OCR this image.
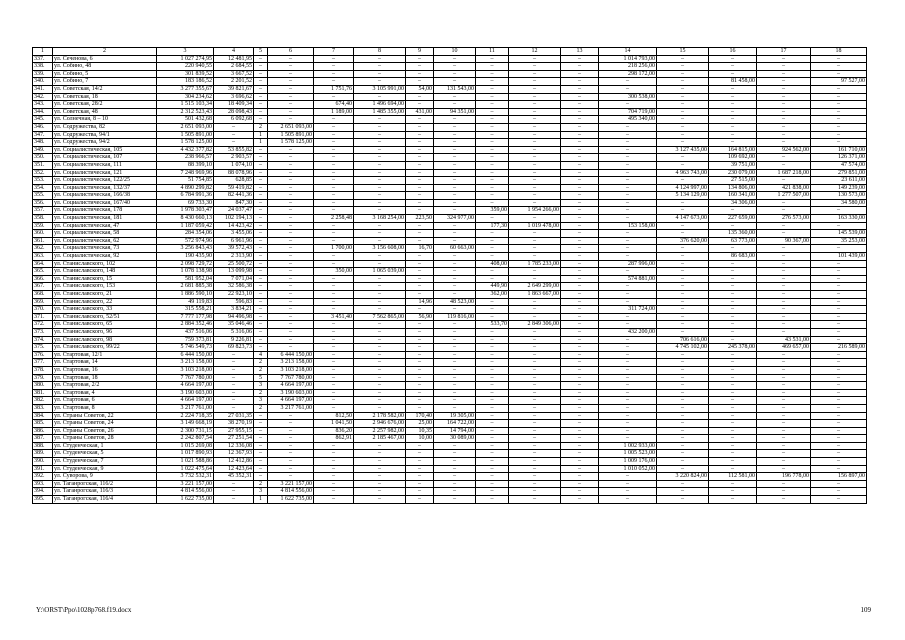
1	2	3	4	5	6	7	8	9	10	11	12	13	14	15	16	17	18
337.	ул. Сеченова, 6	1 027 274,95	12 481,95	–	–	–	–	–	–	–	–	–	1 014 793,00	–	–	–	–
338.	ул. Собино, 48	220 940,55	2 684,55	–	–	–	–	–	–	–	–	–	218 256,00	–	–	–	–
339.	ул. Собино, 5	301 839,52	3 667,52	–	–	–	–	–	–	–	–	–	298 172,00	–	–	–	–
340.	ул. Собино, 7	183 186,52	2 201,52	–	–	–	–	–	–	–	–	–	–	–	81 458,00	–	97 527,00
341.	ул. Советская, 14/2	3 277 355,67	39 821,67	–	–	1 751,76	3 105 991,00	54,00	131 543,00	–	–	–	–	–	–	–	–
342.	ул. Советская, 18	304 234,62	3 696,62	–	–	–	–	–	–	–	–	–	300 538,00	–	–	–	–
343.	ул. Советская, 28/2	1 515 103,34	18 409,34	–	–	674,40	1 496 694,00	–	–	–	–	–	–	–	–	–	–
344.	ул. Советская, 48	2 312 523,43	28 098,43	–	–	1 189,00	1 485 355,00	431,00	94 351,00	–	–	–	704 719,00	–	–	–	–
345.	ул. Солнечная, 8 – 10	501 432,68	6 092,68	–	–	–	–	–	–	–	–	–	495 340,00	–	–	–	–
346.	ул. Содружества, 82	2 651 093,00	–	2	2 651 093,00	–	–	–	–	–	–	–	–	–	–	–	–
347.	ул. Содружества, 94/1	1 505 891,00	–	1	1 505 891,00	–	–	–	–	–	–	–	–	–	–	–	–
348.	ул. Содружества, 94/2	1 578 125,00	–	1	1 578 125,00	–	–	–	–	–	–	–	–	–	–	–	–
349.	ул. Социалистическая, 105	4 432 377,82	53 855,82	–	–	–	–	–	–	–	–	–	–	3 127 435,00	164 815,00	924 562,00	161 710,00
350.	ул. Социалистическая, 107	238 966,57	2 903,57	–	–	–	–	–	–	–	–	–	–	–	109 692,00	–	126 371,00
351.	ул. Социалистическая, 111	88 399,10	1 074,10	–	–	–	–	–	–	–	–	–	–	–	39 751,00	–	47 574,00
352.	ул. Социалистическая, 121	7 248 969,96	88 078,96	–	–	–	–	–	–	–	–	–	–	4 963 743,00	230 079,00	1 687 218,00	279 851,00
353.	ул. Социалистическая, 122/25	51 754,85	628,85	–	–	–	–	–	–	–	–	–	–	–	27 515,00	–	23 611,00
354.	ул. Социалистическая, 132/37	4 890 299,82	59 419,82	–	–	–	–	–	–	–	–	–	–	4 124 997,00	134 806,00	421 838,00	149 239,00
355.	ул. Социалистическая, 166/38	6 784 991,36	82 441,36	–	–	–	–	–	–	–	–	–	–	5 134 129,00	160 341,00	1 277 507,00	130 573,00
356.	ул. Социалистическая, 167/40	69 733,30	847,30	–	–	–	–	–	–	–	–	–	–	–	34 306,00	–	34 580,00
357.	ул. Социалистическая, 178	1 978 303,47	24 037,47	–	–	–	–	–	–	359,00	1 954 266,00	–	–	–	–	–	–
358.	ул. Социалистическая, 181	8 430 660,13	102 194,13	–	–	2 258,48	3 168 254,00	223,50	324 977,00	–	–	–	–	4 147 673,00	227 659,00	276 573,00	163 330,00
359.	ул. Социалистическая, 47	1 187 059,42	14 423,42	–	–	–	–	–	–	177,30	1 019 478,00	–	153 158,00	–	–	–	–
360.	ул. Социалистическая, 58	284 354,06	3 455,06	–	–	–	–	–	–	–	–	–	–	–	135 360,00	–	145 539,00
361.	ул. Социалистическая, 62	572 974,96	6 961,96	–	–	–	–	–	–	–	–	–	–	376 620,00	63 773,00	90 367,00	35 253,00
362.	ул. Социалистическая, 73	3 256 843,43	39 572,43	–	–	1 700,00	3 156 608,00	16,70	60 663,00	–	–	–	–	–	–	–	–
363.	ул. Социалистическая, 92	190 435,90	2 313,90	–	–	–	–	–	–	–	–	–	–	–	86 683,00	–	101 439,00
364.	ул. Станиславского, 102	2 098 729,72	25 500,72	–	–	–	–	–	–	408,00	1 785 233,00	–	287 996,00	–	–	–	–
365.	ул. Станиславского, 148	1 078 138,98	13 099,98	–	–	350,00	1 065 039,00	–	–	–	–	–	–	–	–	–	–
366.	ул. Станиславского, 15	581 952,04	7 071,04	–	–	–	–	–	–	–	–	–	574 881,00	–	–	–	–
367.	ул. Станиславского, 153	2 681 885,38	32 586,38	–	–	–	–	–	–	449,90	2 649 299,00	–	–	–	–	–	–
368.	ул. Станиславского, 21	1 886 590,10	22 923,10	–	–	–	–	–	–	362,00	1 863 667,00	–	–	–	–	–	–
369.	ул. Станиславского, 22	49 119,83	596,83	–	–	–	–	14,96	48 523,00	–	–	–	–	–	–	–	–
370.	ул. Станиславского, 33	315 558,21	3 834,21	–	–	–	–	–	–	–	–	–	311 724,00	–	–	–	–
371.	ул. Станиславского, 52/51	7 777 177,98	94 496,98	–	–	3 451,40	7 562 865,00	56,90	119 816,00	–	–	–	–	–	–	–	–
372.	ул. Станиславского, 65	2 884 352,46	35 046,46	–	–	–	–	–	–	533,70	2 849 306,00	–	–	–	–	–	–
373.	ул. Станиславского, 96	437 516,06	5 316,06	–	–	–	–	–	–	–	–	–	432 200,00	–	–	–	–
374.	ул. Станиславского, 98	759 373,81	9 226,81	–	–	–	–	–	–	–	–	–	–	706 616,00	–	43 531,00	–
375.	ул. Станиславского, 99/22	5 746 549,73	69 823,73	–	–	–	–	–	–	–	–	–	–	4 745 102,00	245 378,00	469 657,00	216 589,00
376.	ул. Стартовая, 12/1	6 444 150,00	–	4	6 444 150,00	–	–	–	–	–	–	–	–	–	–	–	–
377.	ул. Стартовая, 14	3 213 158,00	–	2	3 213 158,00	–	–	–	–	–	–	–	–	–	–	–	–
378.	ул. Стартовая, 16	3 103 218,00	–	2	3 103 218,00	–	–	–	–	–	–	–	–	–	–	–	–
379.	ул. Стартовая, 18	7 767 780,00	–	5	7 767 780,00	–	–	–	–	–	–	–	–	–	–	–	–
380.	ул. Стартовая, 2/2	4 664 197,00	–	3	4 664 197,00	–	–	–	–	–	–	–	–	–	–	–	–
381.	ул. Стартовая, 4	3 190 603,00	–	2	3 190 603,00	–	–	–	–	–	–	–	–	–	–	–	–
382.	ул. Стартовая, 6	4 664 197,00	–	3	4 664 197,00	–	–	–	–	–	–	–	–	–	–	–	–
383.	ул. Стартовая, 8	3 217 761,00	–	2	3 217 761,00	–	–	–	–	–	–	–	–	–	–	–	–
384.	ул. Страны Советов, 22	2 224 718,35	27 031,35	–	–	812,50	2 178 582,00	170,40	19 305,00	–	–	–	–	–	–	–	–
385.	ул. Страны Советов, 24	3 149 668,19	38 270,19	–	–	1 041,50	2 946 676,00	25,00	164 722,00	–	–	–	–	–	–	–	–
386.	ул. Страны Советов, 26	2 300 731,15	27 955,15	–	–	836,20	2 257 982,00	10,35	14 794,00	–	–	–	–	–	–	–	–
387.	ул. Страны Советов, 28	2 242 807,54	27 251,54	–	–	862,91	2 185 467,00	10,00	30 089,00	–	–	–	–	–	–	–	–
388.	ул. Студенческая, 1	1 015 269,08	12 336,08	–	–	–	–	–	–	–	–	–	1 002 933,00	–	–	–	–
389.	ул. Студенческая, 5	1 017 890,93	12 367,93	–	–	–	–	–	–	–	–	–	1 005 523,00	–	–	–	–
390.	ул. Студенческая, 7	1 021 588,86	12 412,86	–	–	–	–	–	–	–	–	–	1 009 176,00	–	–	–	–
391.	ул. Студенческая, 9	1 022 475,64	12 423,64	–	–	–	–	–	–	–	–	–	1 010 052,00	–	–	–	–
392.	ул. Суворова, 9	3 732 532,31	45 352,31	–	–	–	–	–	–	–	–	–	–	3 220 824,00	112 581,00	196 778,00	156 897,00
393.	ул. Таганрогская, 116/2	3 221 157,00	–	2	3 221 157,00	–	–	–	–	–	–	–	–	–	–	–	–
394.	ул. Таганрогская, 116/3	4 814 556,00	–	3	4 814 556,00	–	–	–	–	–	–	–	–	–	–	–	–
395.	ул. Таганрогская, 116/4	1 622 735,00	–	1	1 622 735,00	–	–	–	–	–	–	–	–	–	–	–	–
Y:\ORST\Ppo\1028p768.f19.docx	109
